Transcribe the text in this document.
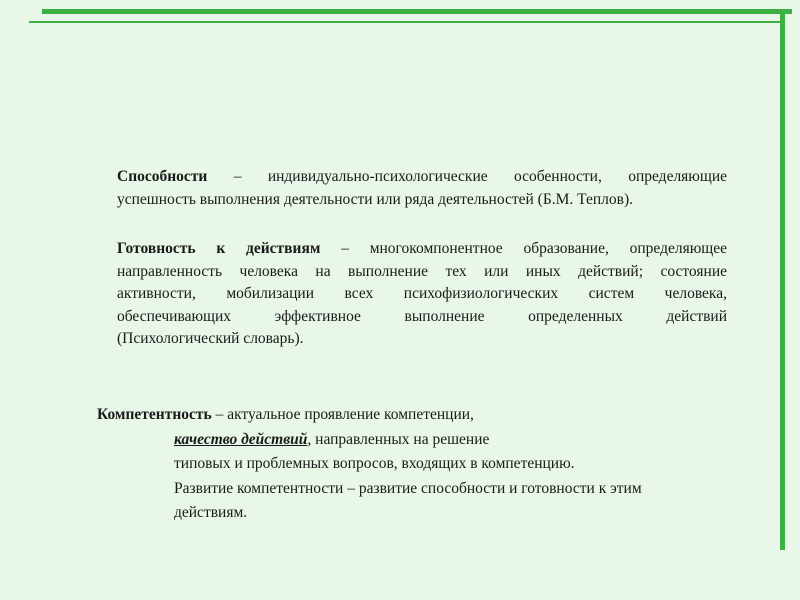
Способности – индивидуально-психологические особенности, определяющие
успешность выполнения деятельности или ряда деятельностей (Б.М. Теплов).
Готовность к действиям – многокомпонентное образование, определяющее
направленность человека на выполнение тех или иных действий; состояние
активности, мобилизации всех психофизиологических систем человека,
обеспечивающих эффективное выполнение определенных действий
(Психологический словарь).
Компетентность – актуальное проявление компетенции,
качество действий, направленных на решение
типовых и проблемных вопросов, входящих в компетенцию.
Развитие компетентности – развитие способности и готовности к этим
действиям.
